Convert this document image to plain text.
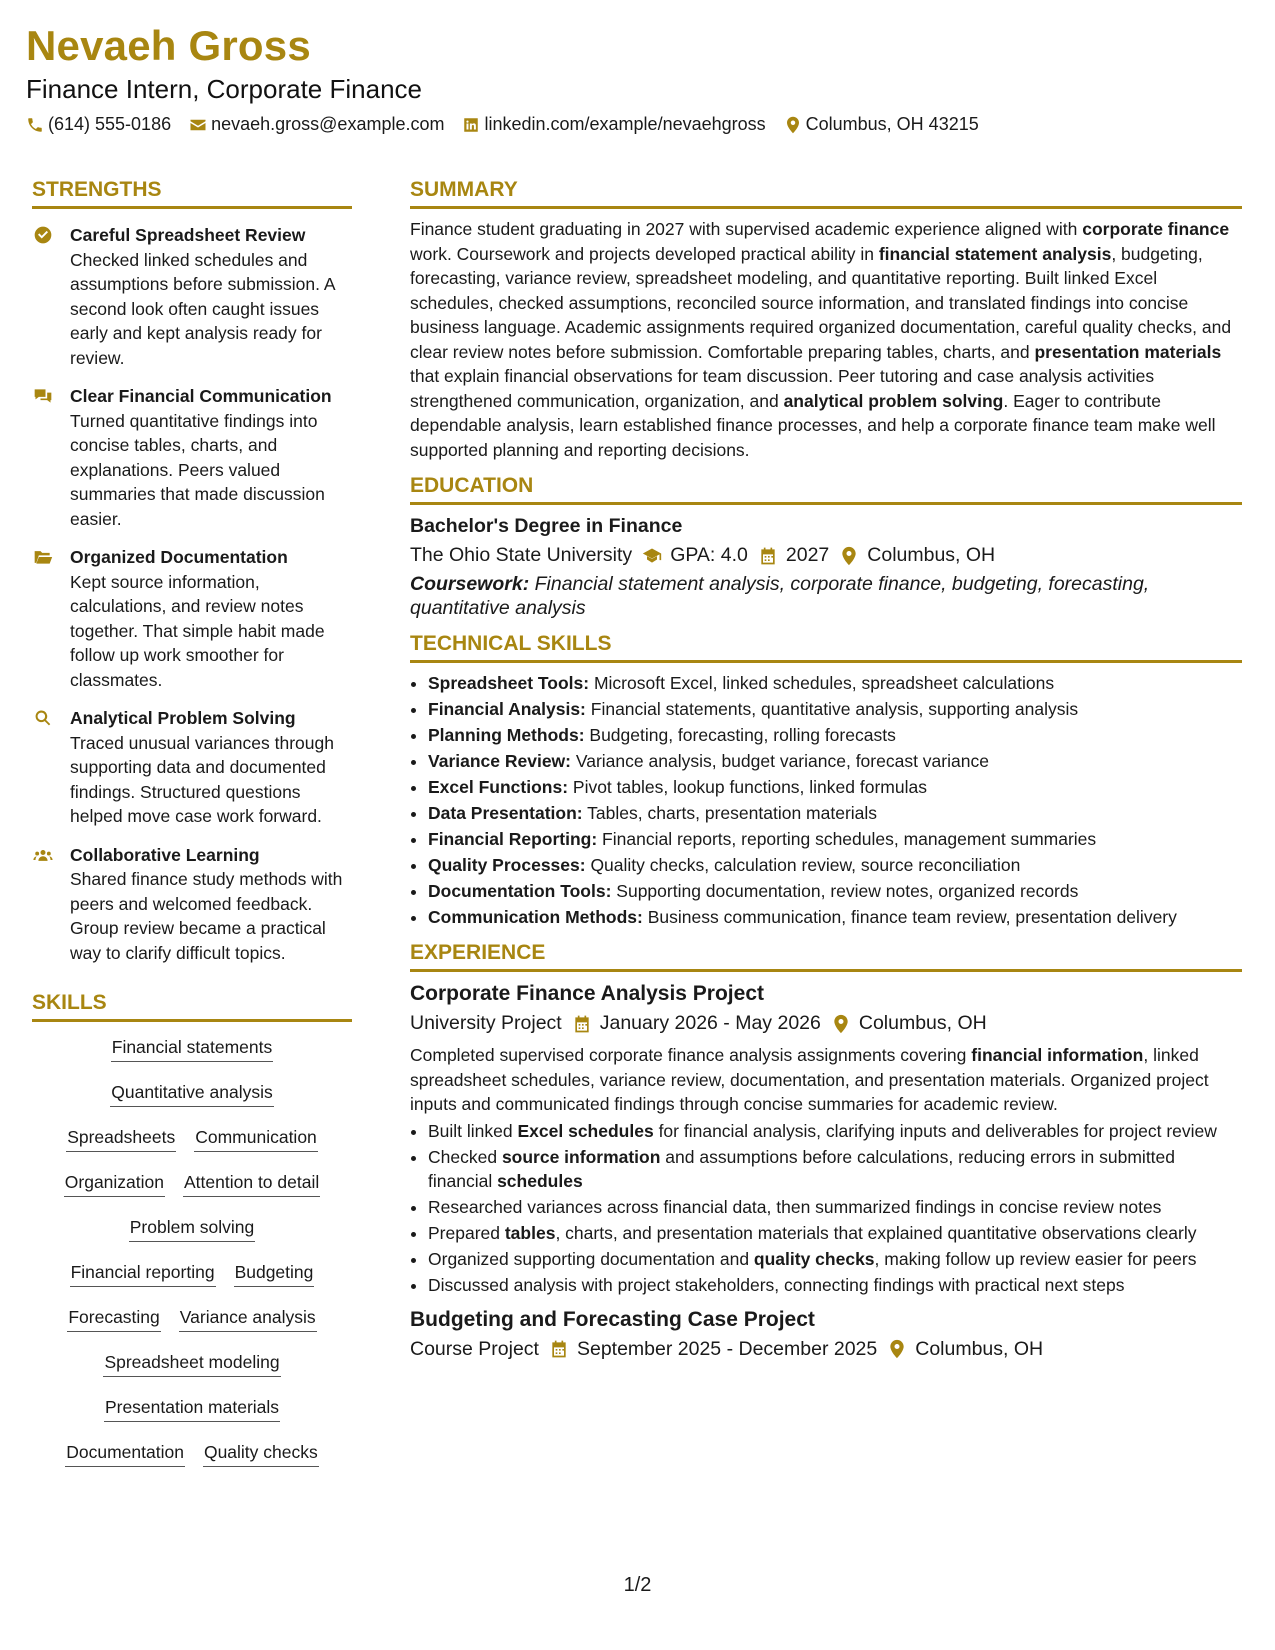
Nevaeh Gross
Finance Intern, Corporate Finance
(614) 555-0186 nevaeh.gross@example.com linkedin.com/example/nevaehgross Columbus, OH 43215
STRENGTHS
Careful Spreadsheet Review
Checked linked schedules and assumptions before submission. A second look often caught issues early and kept analysis ready for review.
Clear Financial Communication
Turned quantitative findings into concise tables, charts, and explanations. Peers valued summaries that made discussion easier.
Organized Documentation
Kept source information, calculations, and review notes together. That simple habit made follow up work smoother for classmates.
Analytical Problem Solving
Traced unusual variances through supporting data and documented findings. Structured questions helped move case work forward.
Collaborative Learning
Shared finance study methods with peers and welcomed feedback. Group review became a practical way to clarify difficult topics.
SKILLS
Financial statements
Quantitative analysis
Spreadsheets Communication
Organization Attention to detail
Problem solving
Financial reporting Budgeting
Forecasting Variance analysis
Spreadsheet modeling
Presentation materials
Documentation Quality checks
SUMMARY
Finance student graduating in 2027 with supervised academic experience aligned with corporate finance work. Coursework and projects developed practical ability in financial statement analysis, budgeting, forecasting, variance review, spreadsheet modeling, and quantitative reporting. Built linked Excel schedules, checked assumptions, reconciled source information, and translated findings into concise business language. Academic assignments required organized documentation, careful quality checks, and clear review notes before submission. Comfortable preparing tables, charts, and presentation materials that explain financial observations for team discussion. Peer tutoring and case analysis activities strengthened communication, organization, and analytical problem solving. Eager to contribute dependable analysis, learn established finance processes, and help a corporate finance team make well supported planning and reporting decisions.
EDUCATION
Bachelor's Degree in Finance
The Ohio State University GPA: 4.0 2027 Columbus, OH
Coursework: Financial statement analysis, corporate finance, budgeting, forecasting, quantitative analysis
TECHNICAL SKILLS
• Spreadsheet Tools: Microsoft Excel, linked schedules, spreadsheet calculations
• Financial Analysis: Financial statements, quantitative analysis, supporting analysis
• Planning Methods: Budgeting, forecasting, rolling forecasts
• Variance Review: Variance analysis, budget variance, forecast variance
• Excel Functions: Pivot tables, lookup functions, linked formulas
• Data Presentation: Tables, charts, presentation materials
• Financial Reporting: Financial reports, reporting schedules, management summaries
• Quality Processes: Quality checks, calculation review, source reconciliation
• Documentation Tools: Supporting documentation, review notes, organized records
• Communication Methods: Business communication, finance team review, presentation delivery
EXPERIENCE
Corporate Finance Analysis Project
University Project January 2026 - May 2026 Columbus, OH
Completed supervised corporate finance analysis assignments covering financial information, linked spreadsheet schedules, variance review, documentation, and presentation materials. Organized project inputs and communicated findings through concise summaries for academic review.
• Built linked Excel schedules for financial analysis, clarifying inputs and deliverables for project review
• Checked source information and assumptions before calculations, reducing errors in submitted financial schedules
• Researched variances across financial data, then summarized findings in concise review notes
• Prepared tables, charts, and presentation materials that explained quantitative observations clearly
• Organized supporting documentation and quality checks, making follow up review easier for peers
• Discussed analysis with project stakeholders, connecting findings with practical next steps
Budgeting and Forecasting Case Project
Course Project September 2025 - December 2025 Columbus, OH
1/2
